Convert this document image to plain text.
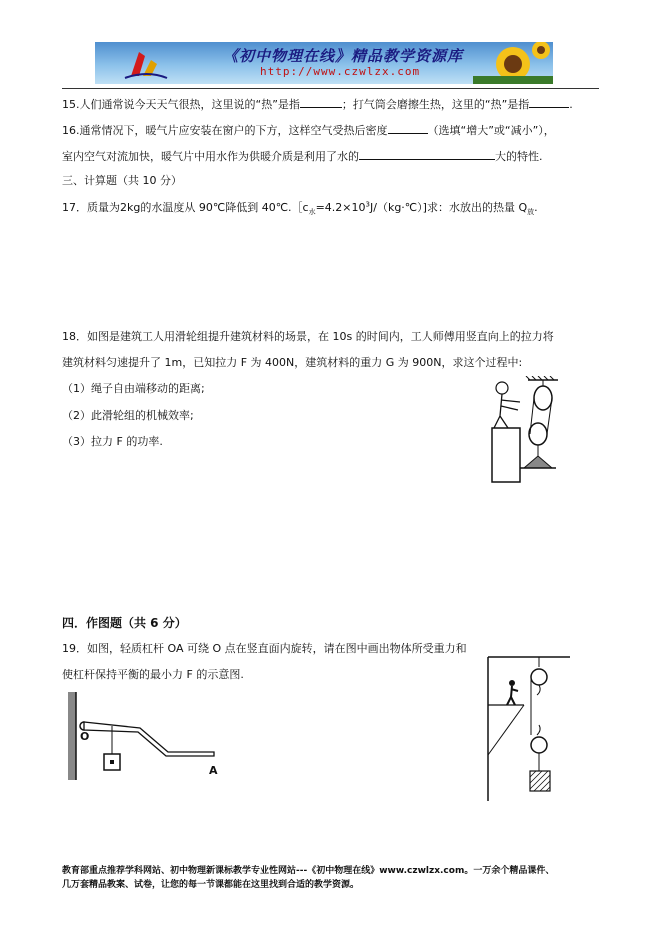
《初中物理在线》精品教学资源库
http://www.czwlzx.com
15.人们通常说今天天气很热，这里说的“热”是指	；打气筒会磨擦生热，这里的“热”是指	.
16.通常情况下，暖气片应安装在窗户的下方，这样空气受热后密度	（选填“增大”或“减小”），
室内空气对流加快，暖气片中用水作为供暖介质是利用了水的	大的特性.
三、计算题（共 10 分）
17．质量为2kg的水温度从 90℃降低到 $40℃.[c_水=4.2\times 10^3J/(kg\cdot℃)$]求：水放出的热量 $Q_放$.
18．如图是建筑工人用滑轮组提升建筑材料的场景，在 10s 的时间内，工人师傅用竖直向上的拉力将
建筑材料匀速提升了 1m，已知拉力 F 为 400N，建筑材料的重力 G 为 900N，求这个过程中:
（1）绳子自由端移动的距离;
（2）此滑轮组的机械效率;
（3）拉力 F 的功率.
四．作图题（共 6 分）
19．如图，轻质杠杆 OA 可绕 O 点在竖直面内旋转，请在图中画出物体所受重力和
使杠杆保持平衡的最小力 F 的示意图.
O
A
教育部重点推荐学科网站、初中物理新课标教学专业性网站---《初中物理在线》www.czwlzx.com。一万余个精品课件、
几万套精品教案、试卷，让您的每一节课都能在这里找到合适的教学资源。
